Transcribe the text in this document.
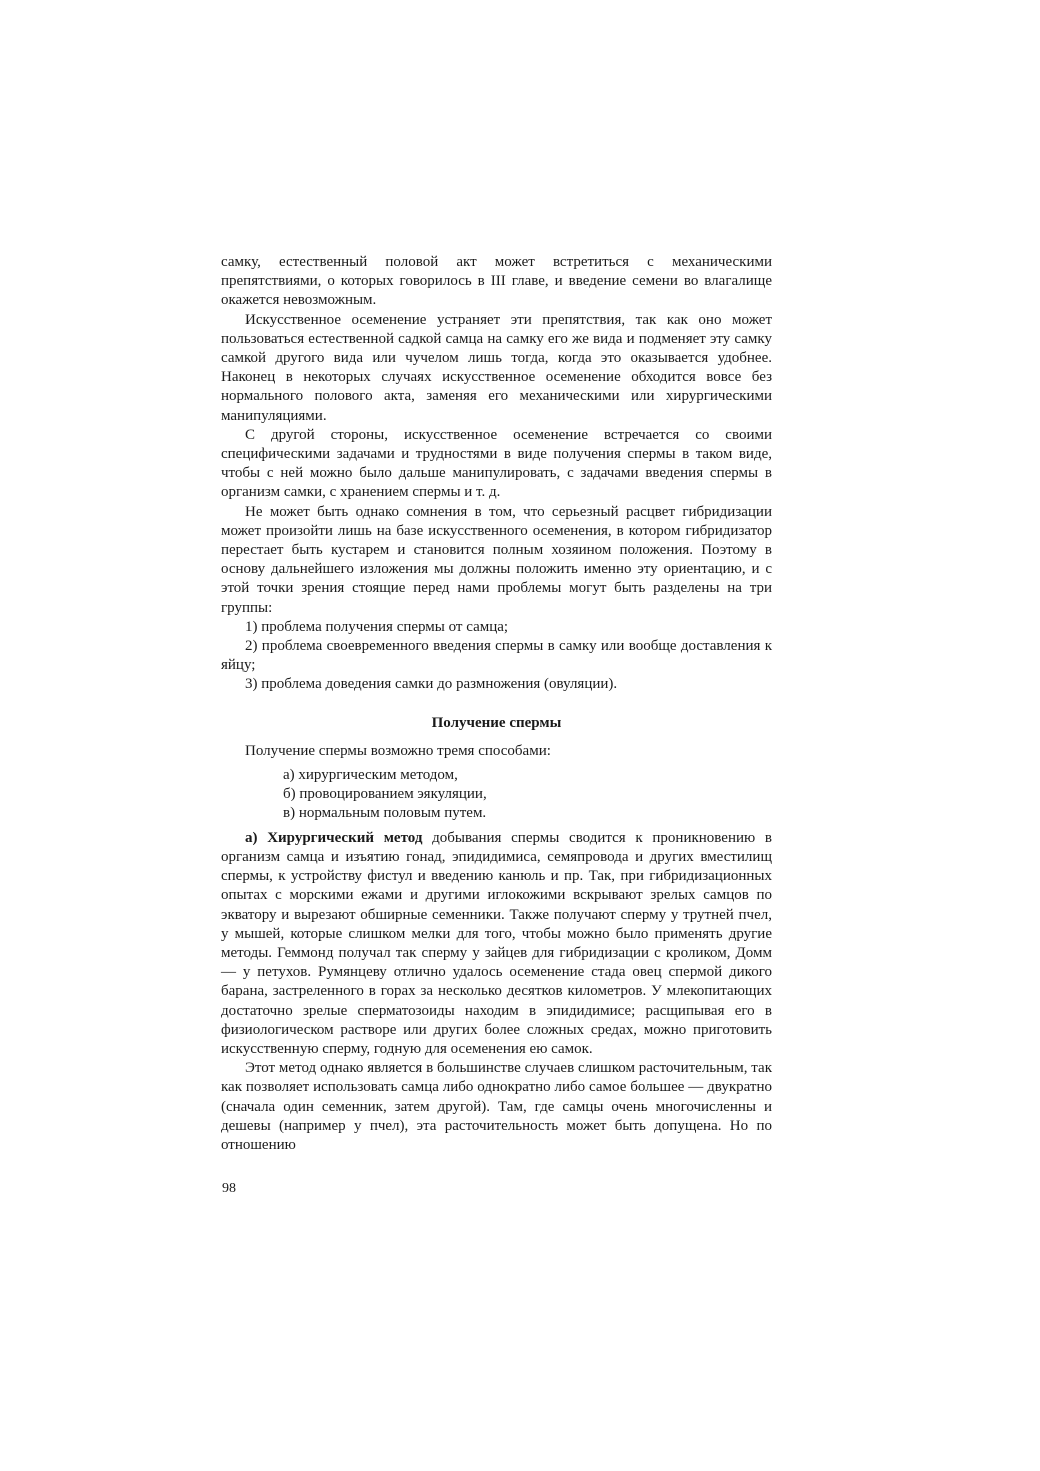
самку, естественный половой акт может встретиться с механическими препятствиями, о которых говорилось в III главе, и введение семени во влагалище окажется невозможным.

Искусственное осеменение устраняет эти препятствия, так как оно может пользоваться естественной садкой самца на самку его же вида и подменяет эту самку самкой другого вида или чучелом лишь тогда, когда это оказывается удобнее. Наконец в некоторых случаях искусственное осеменение обходится вовсе без нормального полового акта, заменяя его механическими или хирургическими манипуляциями.

С другой стороны, искусственное осеменение встречается со своими специфическими задачами и трудностями в виде получения спермы в таком виде, чтобы с ней можно было дальше манипулировать, с задачами введения спермы в организм самки, с хранением спермы и т. д.

Не может быть однако сомнения в том, что серьезный расцвет гибридизации может произойти лишь на базе искусственного осеменения, в котором гибридизатор перестает быть кустарем и становится полным хозяином положения. Поэтому в основу дальнейшего изложения мы должны положить именно эту ориентацию, и с этой точки зрения стоящие перед нами проблемы могут быть разделены на три группы:

1) проблема получения спермы от самца;

2) проблема своевременного введения спермы в самку или вообще доставления к яйцу;

3) проблема доведения самки до размножения (овуляции).

Получение спермы

Получение спермы возможно тремя способами:

а) хирургическим методом,
б) провоцированием эякуляции,
в) нормальным половым путем.

а) Хирургический метод добывания спермы сводится к проникновению в организм самца и изъятию гонад, эпидидимиса, семяпровода и других вместилищ спермы, к устройству фистул и введению канюль и пр. Так, при гибридизационных опытах с морскими ежами и другими иглокожими вскрывают зрелых самцов по экватору и вырезают обширные семенники. Также получают сперму у трутней пчел, у мышей, которые слишком мелки для того, чтобы можно было применять другие методы. Геммонд получал так сперму у зайцев для гибридизации с кроликом, Домм — у петухов. Румянцеву отлично удалось осеменение стада овец спермой дикого барана, застреленного в горах за несколько десятков километров. У млекопитающих достаточно зрелые сперматозоиды находим в эпидидимисе; расщипывая его в физиологическом растворе или других более сложных средах, можно приготовить искусственную сперму, годную для осеменения ею самок.

Этот метод однако является в большинстве случаев слишком расточительным, так как позволяет использовать самца либо однократно либо самое большее — двукратно (сначала один семенник, затем другой). Там, где самцы очень многочисленны и дешевы (например у пчел), эта расточительность может быть допущена. Но по отношению

98
